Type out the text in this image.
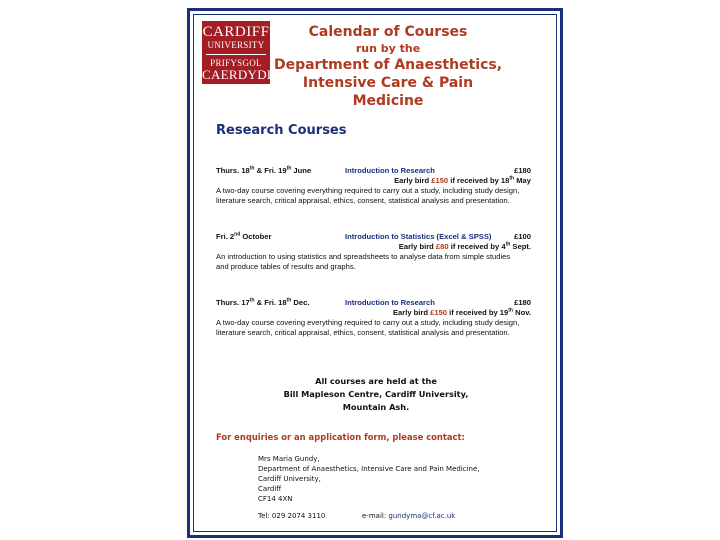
CARDIFF
UNIVERSITY
PRIFYSGOL
CAERDYDD
Calendar of Courses
run by the
Department of Anaesthetics,
Intensive Care & Pain Medicine
Research Courses
Thurs. 18th & Fri. 19th June	Introduction to Research	£180
Early bird £150 if received by 18th May
A two-day course covering everything required to carry out a study, including study design,
literature search, critical appraisal, ethics, consent, statistical analysis and presentation.
Fri. 2nd October	Introduction to Statistics (Excel & SPSS)	£100
Early bird £80 if received by 4th Sept.
An introduction to using statistics and spreadsheets to analyse data from simple studies
and produce tables of results and graphs.
Thurs. 17th & Fri. 18th Dec.	Introduction to Research	£180
Early bird £150 if received by 19th Nov.
A two-day course covering everything required to carry out a study, including study design,
literature search, critical appraisal, ethics, consent, statistical analysis and presentation.
All courses are held at the
Bill Mapleson Centre, Cardiff University,
Mountain Ash.
For enquiries or an application form, please contact:
Mrs Maria Gundy,
Department of Anaesthetics, Intensive Care and Pain Medicine,
Cardiff University,
Cardiff
CF14 4XN
Tel: 029 2074 3110	e-mail: gundyma@cf.ac.uk
